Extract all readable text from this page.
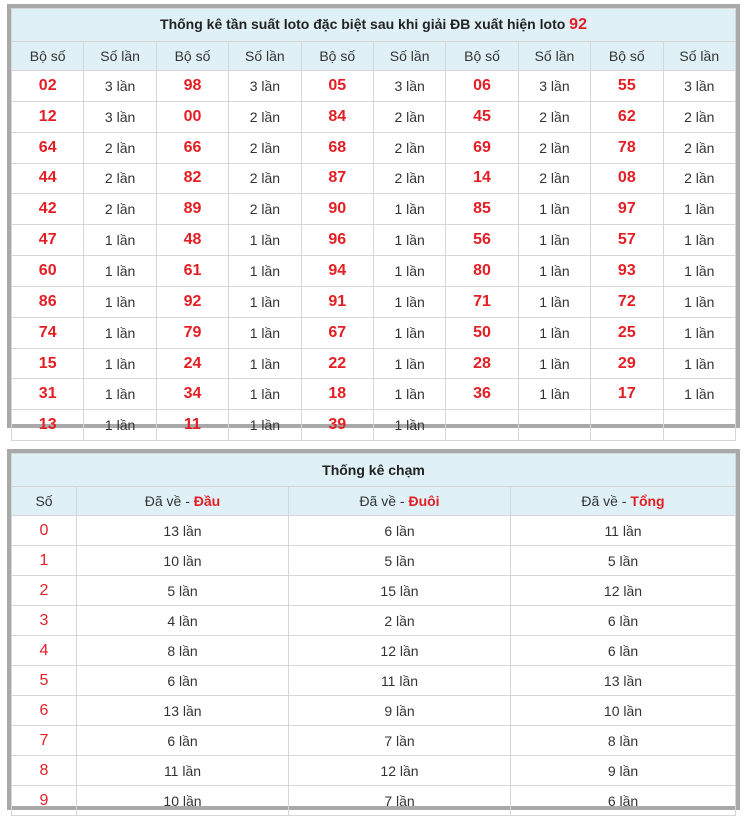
Thống kê tần suất loto đặc biệt sau khi giải ĐB xuất hiện loto 92									
Bộ số	Số lần	Bộ số	Số lần	Bộ số	Số lần	Bộ số	Số lần	Bộ số	Số lần
02	3 lần	98	3 lần	05	3 lần	06	3 lần	55	3 lần
12	3 lần	00	2 lần	84	2 lần	45	2 lần	62	2 lần
64	2 lần	66	2 lần	68	2 lần	69	2 lần	78	2 lần
44	2 lần	82	2 lần	87	2 lần	14	2 lần	08	2 lần
42	2 lần	89	2 lần	90	1 lần	85	1 lần	97	1 lần
47	1 lần	48	1 lần	96	1 lần	56	1 lần	57	1 lần
60	1 lần	61	1 lần	94	1 lần	80	1 lần	93	1 lần
86	1 lần	92	1 lần	91	1 lần	71	1 lần	72	1 lần
74	1 lần	79	1 lần	67	1 lần	50	1 lần	25	1 lần
15	1 lần	24	1 lần	22	1 lần	28	1 lần	29	1 lần
31	1 lần	34	1 lần	18	1 lần	36	1 lần	17	1 lần
13	1 lần	11	1 lần	39	1 lần				
Thống kê chạm			
Số	Đã về - Đầu	Đã về - Đuôi	Đã về - Tổng
0	13 lần	6 lần	11 lần
1	10 lần	5 lần	5 lần
2	5 lần	15 lần	12 lần
3	4 lần	2 lần	6 lần
4	8 lần	12 lần	6 lần
5	6 lần	11 lần	13 lần
6	13 lần	9 lần	10 lần
7	6 lần	7 lần	8 lần
8	11 lần	12 lần	9 lần
9	10 lần	7 lần	6 lần
